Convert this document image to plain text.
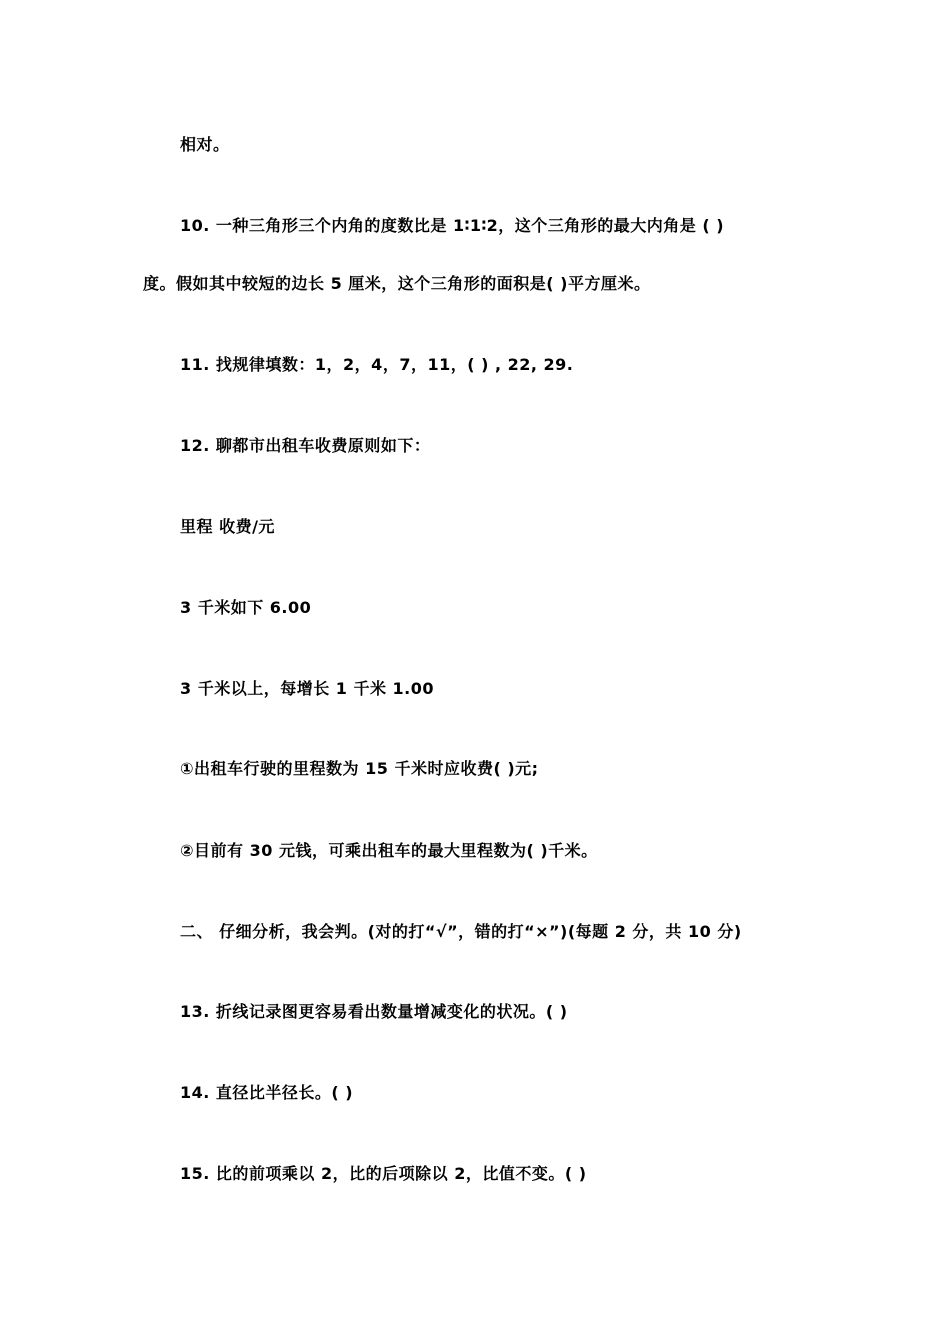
相对。
10. 一种三角形三个内角的度数比是 1∶1∶2，这个三角形的最大内角是 ( )
度。假如其中较短的边长 5 厘米，这个三角形的面积是( )平方厘米。
11. 找规律填数：1，2，4，7，11，( ) , 22, 29.
12. 聊都市出租车收费原则如下：
里程 收费/元
3 千米如下 6.00
3 千米以上，每增长 1 千米 1.00
①出租车行驶的里程数为 15 千米时应收费( )元;
②目前有 30 元钱，可乘出租车的最大里程数为( )千米。
二、 仔细分析，我会判。(对的打“√”，错的打“×”)(每题 2 分，共 10 分)
13. 折线记录图更容易看出数量增减变化的状况。( )
14. 直径比半径长。( )
15. 比的前项乘以 2，比的后项除以 2，比值不变。( )
